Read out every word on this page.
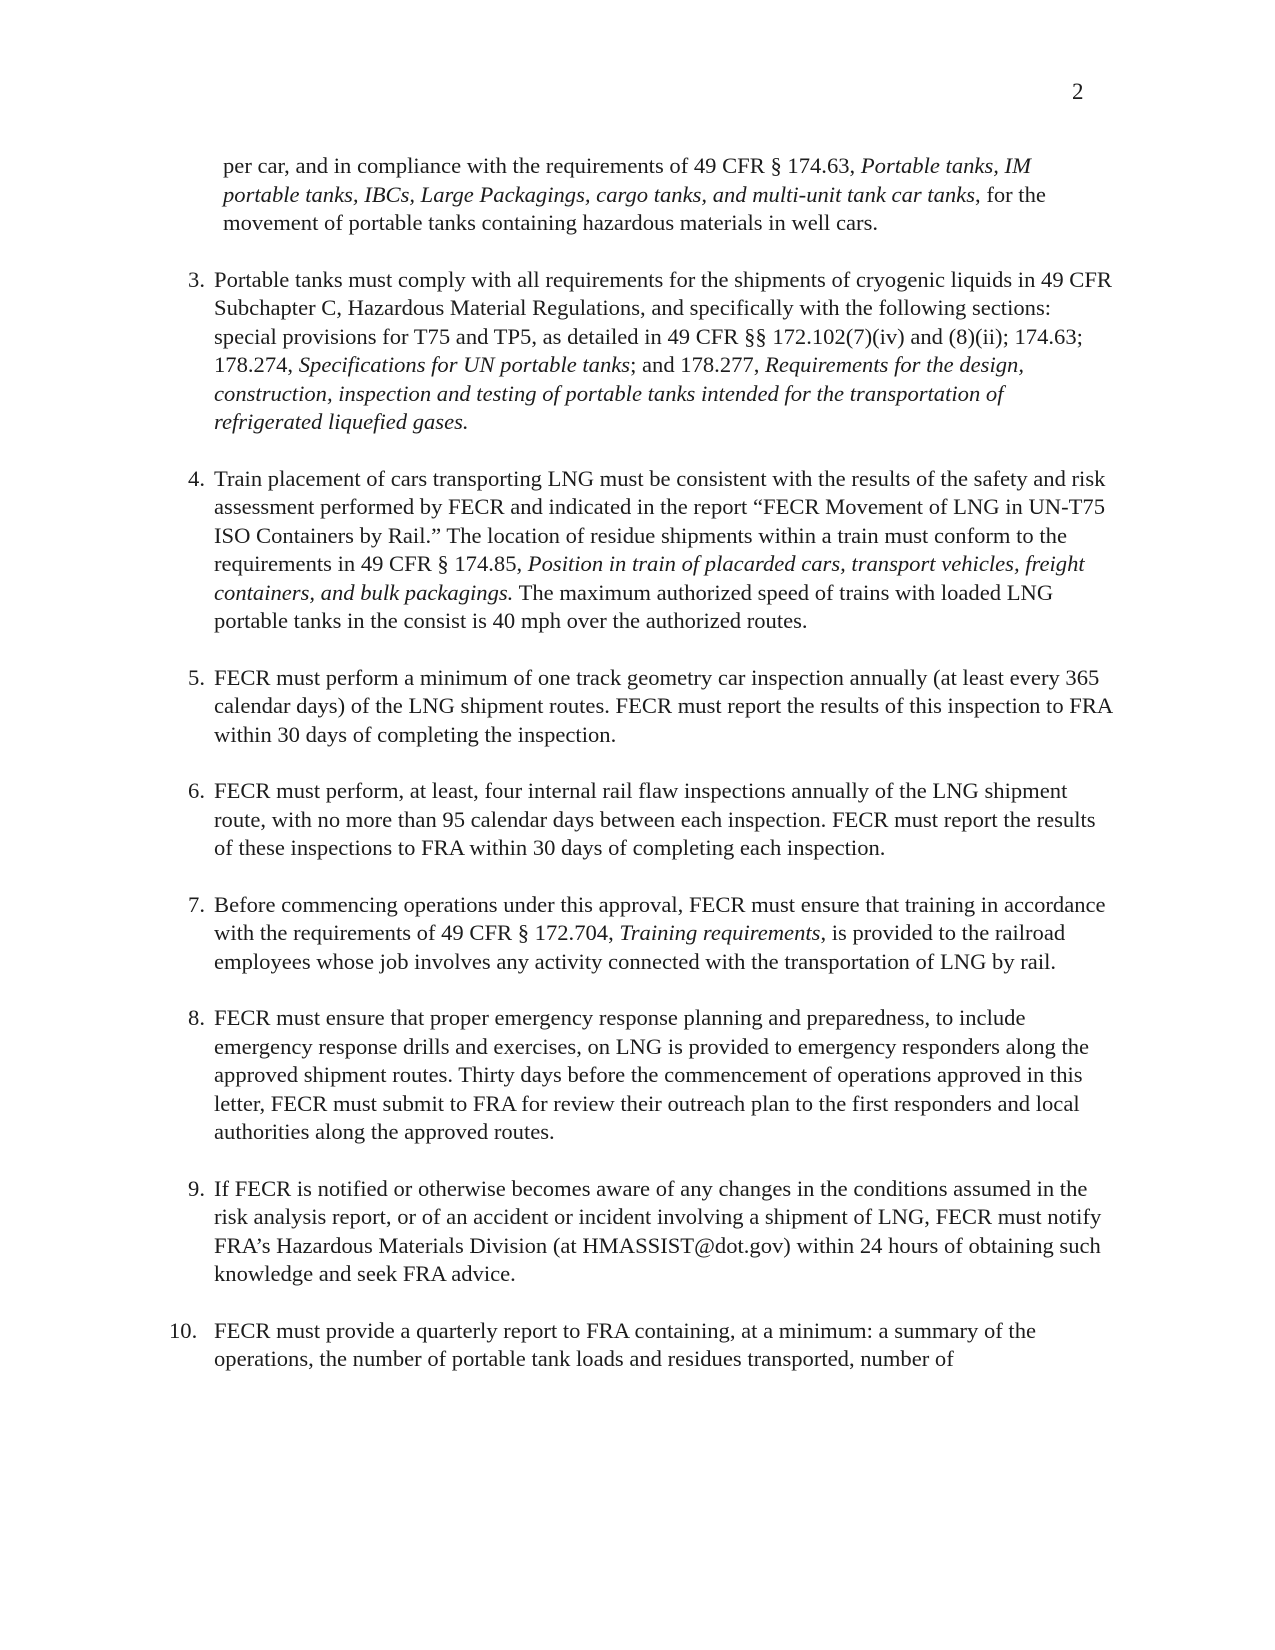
2

per car, and in compliance with the requirements of 49 CFR § 174.63, Portable tanks, IM portable tanks, IBCs, Large Packagings, cargo tanks, and multi-unit tank car tanks, for the movement of portable tanks containing hazardous materials in well cars.

3. Portable tanks must comply with all requirements for the shipments of cryogenic liquids in 49 CFR Subchapter C, Hazardous Material Regulations, and specifically with the following sections: special provisions for T75 and TP5, as detailed in 49 CFR §§ 172.102(7)(iv) and (8)(ii); 174.63; 178.274, Specifications for UN portable tanks; and 178.277, Requirements for the design, construction, inspection and testing of portable tanks intended for the transportation of refrigerated liquefied gases.
4. Train placement of cars transporting LNG must be consistent with the results of the safety and risk assessment performed by FECR and indicated in the report “FECR Movement of LNG in UN-T75 ISO Containers by Rail.” The location of residue shipments within a train must conform to the requirements in 49 CFR § 174.85, Position in train of placarded cars, transport vehicles, freight containers, and bulk packagings. The maximum authorized speed of trains with loaded LNG portable tanks in the consist is 40 mph over the authorized routes.
5. FECR must perform a minimum of one track geometry car inspection annually (at least every 365 calendar days) of the LNG shipment routes. FECR must report the results of this inspection to FRA within 30 days of completing the inspection.
6. FECR must perform, at least, four internal rail flaw inspections annually of the LNG shipment route, with no more than 95 calendar days between each inspection. FECR must report the results of these inspections to FRA within 30 days of completing each inspection.
7. Before commencing operations under this approval, FECR must ensure that training in accordance with the requirements of 49 CFR § 172.704, Training requirements, is provided to the railroad employees whose job involves any activity connected with the transportation of LNG by rail.
8. FECR must ensure that proper emergency response planning and preparedness, to include emergency response drills and exercises, on LNG is provided to emergency responders along the approved shipment routes. Thirty days before the commencement of operations approved in this letter, FECR must submit to FRA for review their outreach plan to the first responders and local authorities along the approved routes.
9. If FECR is notified or otherwise becomes aware of any changes in the conditions assumed in the risk analysis report, or of an accident or incident involving a shipment of LNG, FECR must notify FRA’s Hazardous Materials Division (at HMASSIST@dot.gov) within 24 hours of obtaining such knowledge and seek FRA advice.
10. FECR must provide a quarterly report to FRA containing, at a minimum: a summary of the operations, the number of portable tank loads and residues transported, number of
